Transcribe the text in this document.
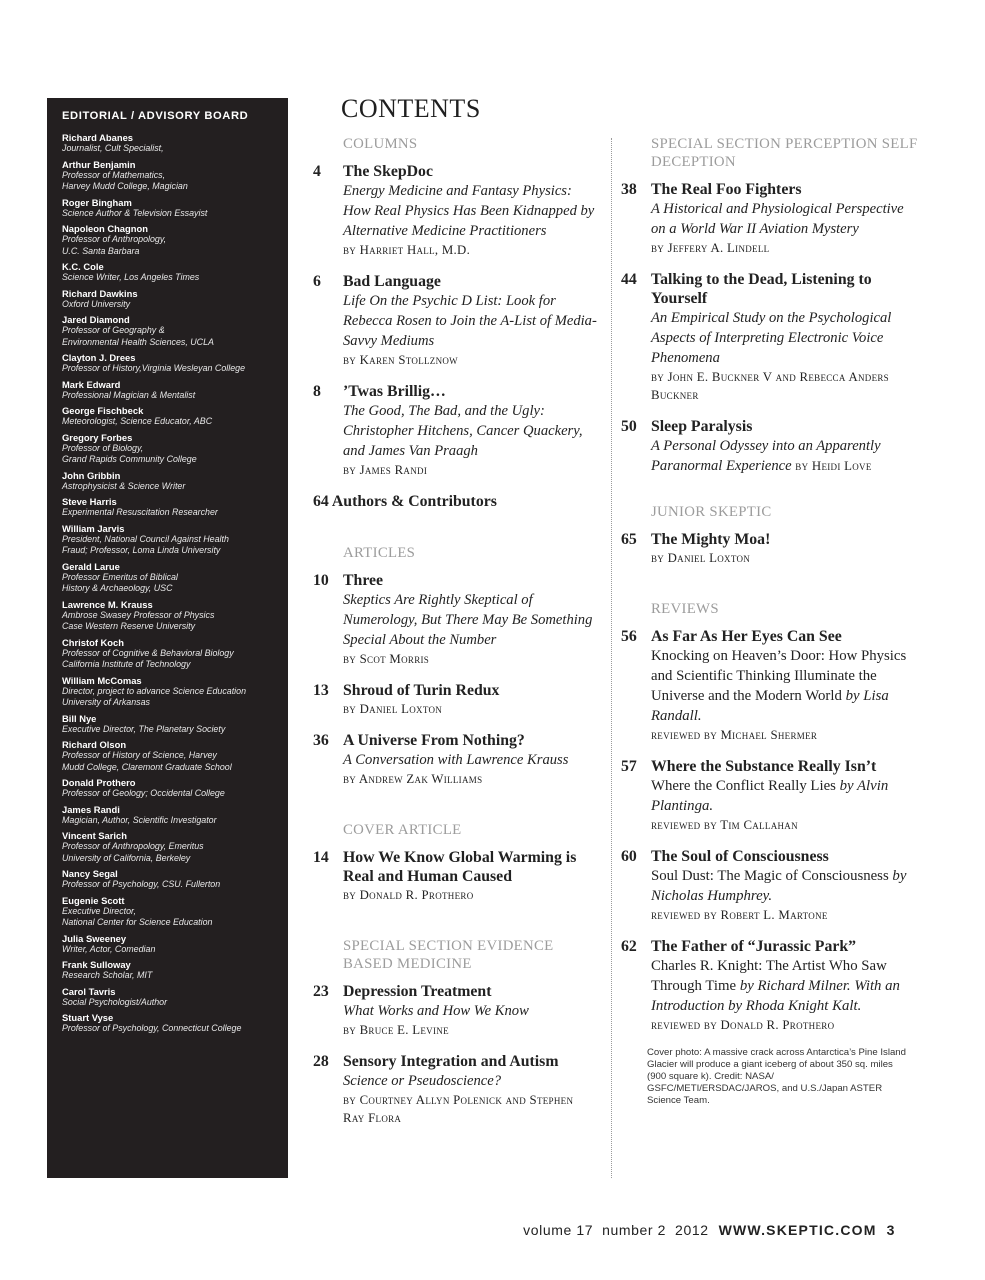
EDITORIAL / ADVISORY BOARD
Richard Abanes
Journalist, Cult Specialist,
Arthur Benjamin
Professor of Mathematics,
Harvey Mudd College, Magician
Roger Bingham
Science Author & Television Essayist
Napoleon Chagnon
Professor of Anthropology,
U.C. Santa Barbara
K.C. Cole
Science Writer, Los Angeles Times
Richard Dawkins
Oxford University
Jared Diamond
Professor of Geography &
Environmental Health Sciences, UCLA
Clayton J. Drees
Professor of History,Virginia Wesleyan College
Mark Edward
Professional Magician & Mentalist
George Fischbeck
Meteorologist, Science Educator, ABC
Gregory Forbes
Professor of Biology,
Grand Rapids Community College
John Gribbin
Astrophysicist & Science Writer
Steve Harris
Experimental Resuscitation Researcher
William Jarvis
President, National Council Against Health
Fraud; Professor, Loma Linda University
Gerald Larue
Professor Emeritus of Biblical
History & Archaeology, USC
Lawrence M. Krauss
Ambrose Swasey Professor of Physics
Case Western Reserve University
Christof Koch
Professor of Cognitive & Behavioral Biology
California Institute of Technology
William McComas
Director, project to advance Science Education
University of Arkansas
Bill Nye
Executive Director, The Planetary Society
Richard Olson
Professor of History of Science, Harvey
Mudd College, Claremont Graduate School
Donald Prothero
Professor of Geology; Occidental College
James Randi
Magician, Author, Scientific Investigator
Vincent Sarich
Professor of Anthropology, Emeritus
University of California, Berkeley
Nancy Segal
Professor of Psychology, CSU. Fullerton
Eugenie Scott
Executive Director,
National Center for Science Education
Julia Sweeney
Writer, Actor, Comedian
Frank Sulloway
Research Scholar, MIT
Carol Tavris
Social Psychologist/Author
Stuart Vyse
Professor of Psychology, Connecticut College
CONTENTS
COLUMNS
4 The SkepDoc
Energy Medicine and Fantasy Physics: How Real Physics Has Been Kidnapped by Alternative Medicine Practitioners
by Harriet Hall, M.D.
6 Bad Language
Life On the Psychic D List: Look for Rebecca Rosen to Join the A-List of Media-Savvy Mediums
by Karen Stollznow
8 ’Twas Brillig…
The Good, The Bad, and the Ugly: Christopher Hitchens, Cancer Quackery, and James Van Praagh
by James Randi
64 Authors & Contributors
ARTICLES
10 Three
Skeptics Are Rightly Skeptical of Numerology, But There May Be Something Special About the Number
by Scot Morris
13 Shroud of Turin Redux
by Daniel Loxton
36 A Universe From Nothing?
A Conversation with Lawrence Krauss
by Andrew Zak Williams
COVER ARTICLE
14 How We Know Global Warming is Real and Human Caused
by Donald R. Prothero
SPECIAL SECTION EVIDENCE BASED MEDICINE
23 Depression Treatment
What Works and How We Know
by Bruce E. Levine
28 Sensory Integration and Autism
Science or Pseudoscience?
by Courtney Allyn Polenick and Stephen Ray Flora
SPECIAL SECTION PERCEPTION SELF DECEPTION
38 The Real Foo Fighters
A Historical and Physiological Perspective on a World War II Aviation Mystery
by Jeffery A. Lindell
44 Talking to the Dead, Listening to Yourself
An Empirical Study on the Psychological Aspects of Interpreting Electronic Voice Phenomena
by John E. Buckner V and Rebecca Anders Buckner
50 Sleep Paralysis
A Personal Odyssey into an Apparently Paranormal Experience by Heidi Love
JUNIOR SKEPTIC
65 The Mighty Moa!
by Daniel Loxton
REVIEWS
56 As Far As Her Eyes Can See
Knocking on Heaven’s Door: How Physics and Scientific Thinking Illuminate the Universe and the Modern World by Lisa Randall.
reviewed by Michael Shermer
57 Where the Substance Really Isn’t
Where the Conflict Really Lies by Alvin Plantinga.
reviewed by Tim Callahan
60 The Soul of Consciousness
Soul Dust: The Magic of Consciousness by Nicholas Humphrey.
reviewed by Robert L. Martone
62 The Father of “Jurassic Park”
Charles R. Knight: The Artist Who Saw Through Time by Richard Milner. With an Introduction by Rhoda Knight Kalt.
reviewed by Donald R. Prothero
Cover photo: A massive crack across Antarctica’s Pine Island Glacier will produce a giant iceberg of about 350 sq. miles (900 square k). Credit: NASA/ GSFC/METI/ERSDAC/JAROS, and U.S./Japan ASTER Science Team.
volume 17  number 2  2012 WWW.SKEPTIC.COM 3
